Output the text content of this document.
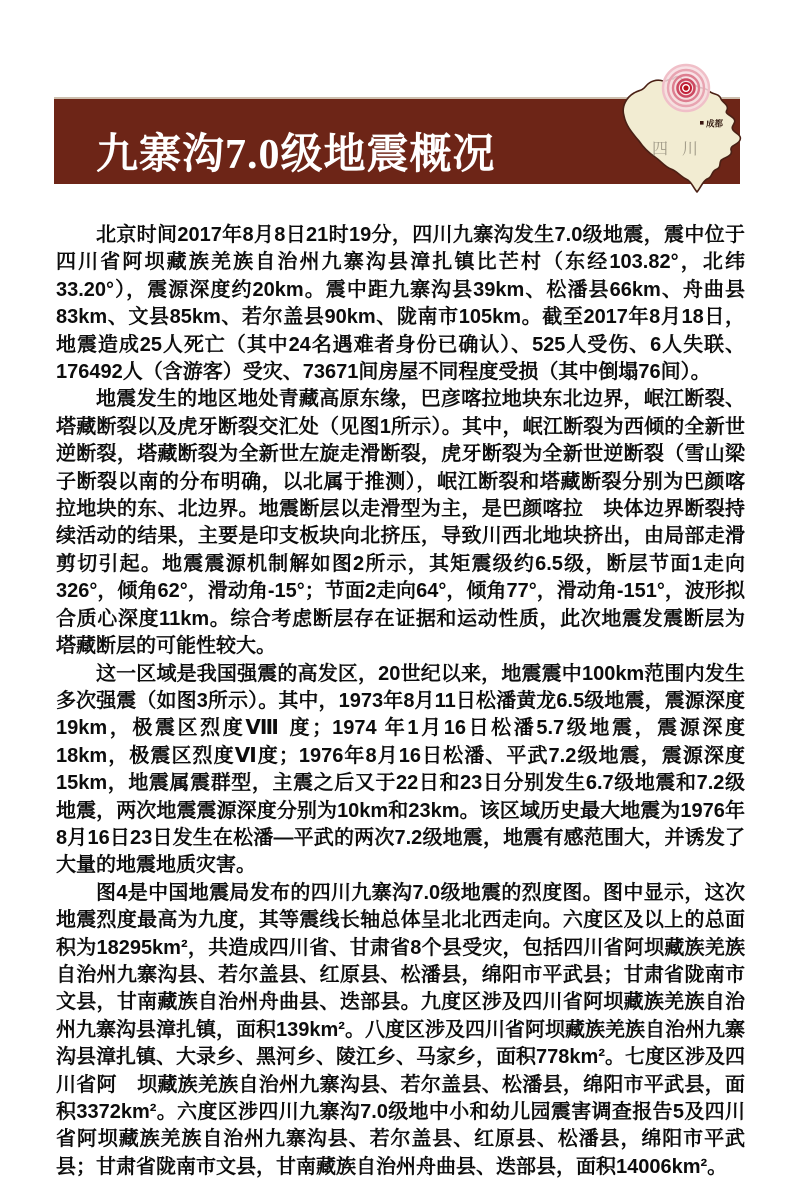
九寨沟7.0级地震概况
成都
四川

北京时间2017年8月8日21时19分，四川九寨沟发生7.0级地震，震中位于四川省阿坝藏族羌族自治州九寨沟县漳扎镇比芒村（东经103.82°，北纬33.20°），震源深度约20km。震中距九寨沟县39km、松潘县66km、舟曲县83km、文县85km、若尔盖县90km、陇南市105km。截至2017年8月18日，地震造成25人死亡（其中24名遇难者身份已确认）、525人受伤、6人失联、176492人（含游客）受灾、73671间房屋不同程度受损（其中倒塌76间）。

地震发生的地区地处青藏高原东缘，巴彦喀拉地块东北边界，岷江断裂、塔藏断裂以及虎牙断裂交汇处（见图1所示）。其中，岷江断裂为西倾的全新世逆断裂，塔藏断裂为全新世左旋走滑断裂，虎牙断裂为全新世逆断裂（雪山梁子断裂以南的分布明确，以北属于推测），岷江断裂和塔藏断裂分别为巴颜喀拉地块的东、北边界。地震断层以走滑型为主，是巴颜喀拉　块体边界断裂持续活动的结果，主要是印支板块向北挤压，导致川西北地块挤出，由局部走滑剪切引起。地震震源机制解如图2所示，其矩震级约6.5级，断层节面1走向326°，倾角62°，滑动角-15°；节面2走向64°，倾角77°，滑动角-151°，波形拟合质心深度11km。综合考虑断层存在证据和运动性质，此次地震发震断层为塔藏断层的可能性较大。

这一区域是我国强震的高发区，20世纪以来，地震震中100km范围内发生多次强震（如图3所示）。其中，1973年8月11日松潘黄龙6.5级地震，震源深度19km，极震区烈度Ⅷ 度；1974 年1月16日松潘5.7级地震，震源深度18km，极震区烈度Ⅵ度；1976年8月16日松潘、平武7.2级地震，震源深度15km，地震属震群型，主震之后又于22日和23日分别发生6.7级地震和7.2级地震，两次地震震源深度分别为10km和23km。该区域历史最大地震为1976年8月16日23日发生在松潘—平武的两次7.2级地震，地震有感范围大，并诱发了大量的地震地质灾害。

图4是中国地震局发布的四川九寨沟7.0级地震的烈度图。图中显示，这次地震烈度最高为九度，其等震线长轴总体呈北北西走向。六度区及以上的总面积为18295km²，共造成四川省、甘肃省8个县受灾，包括四川省阿坝藏族羌族自治州九寨沟县、若尔盖县、红原县、松潘县，绵阳市平武县；甘肃省陇南市文县，甘南藏族自治州舟曲县、迭部县。九度区涉及四川省阿坝藏族羌族自治州九寨沟县漳扎镇，面积139km²。八度区涉及四川省阿坝藏族羌族自治州九寨沟县漳扎镇、大录乡、黑河乡、陵江乡、马家乡，面积778km²。七度区涉及四川省阿　坝藏族羌族自治州九寨沟县、若尔盖县、松潘县，绵阳市平武县，面积3372km²。六度区涉四川九寨沟7.0级地中小和幼儿园震害调查报告5及四川省阿坝藏族羌族自治州九寨沟县、若尔盖县、红原县、松潘县，绵阳市平武县；甘肃省陇南市文县，甘南藏族自治州舟曲县、迭部县，面积14006km²。
